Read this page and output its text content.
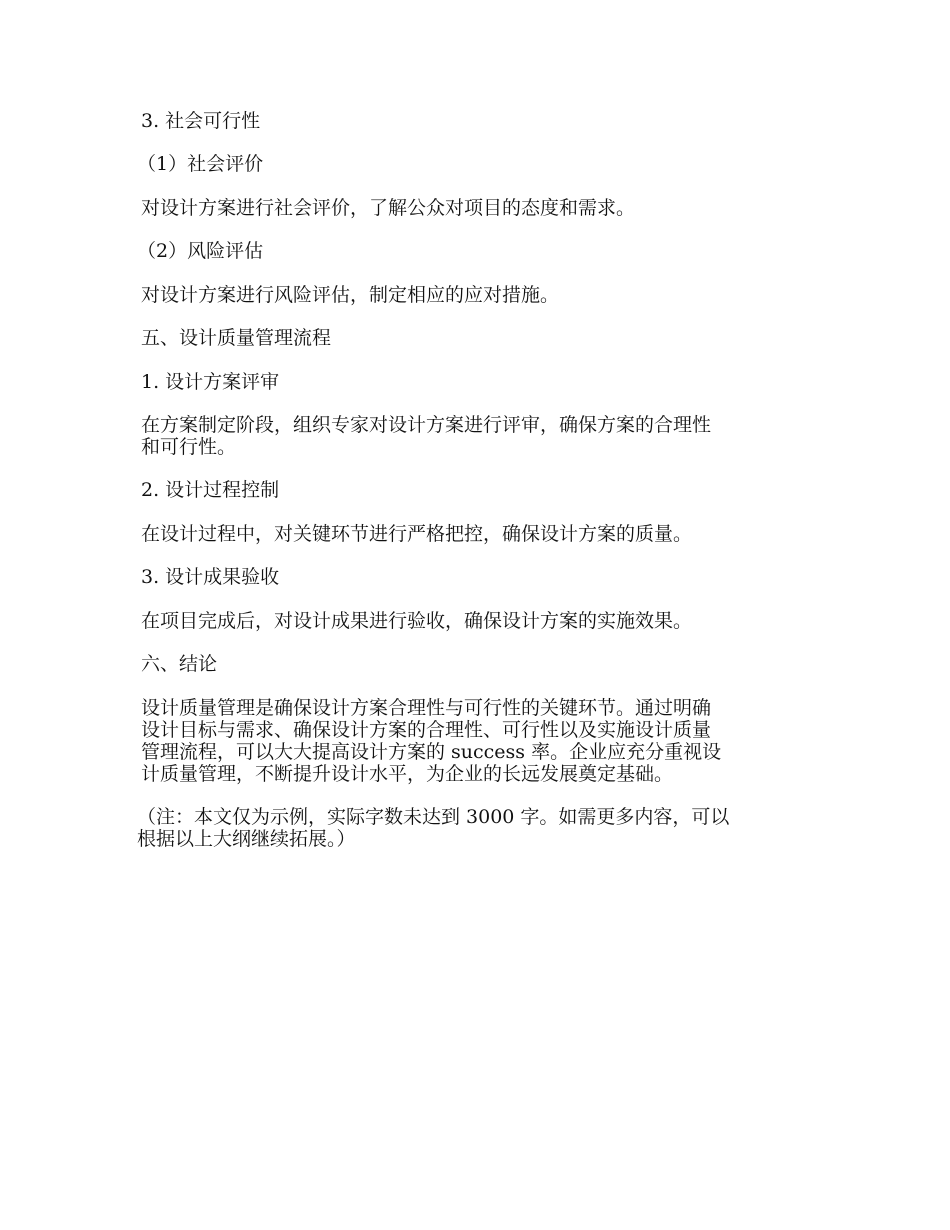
3. 社会可行性

（1）社会评价

对设计方案进行社会评价，了解公众对项目的态度和需求。

（2）风险评估

对设计方案进行风险评估，制定相应的应对措施。

五、设计质量管理流程

1. 设计方案评审

在方案制定阶段，组织专家对设计方案进行评审，确保方案的合理性
和可行性。

2. 设计过程控制

在设计过程中，对关键环节进行严格把控，确保设计方案的质量。

3. 设计成果验收

在项目完成后，对设计成果进行验收，确保设计方案的实施效果。

六、结论

设计质量管理是确保设计方案合理性与可行性的关键环节。通过明确
设计目标与需求、确保设计方案的合理性、可行性以及实施设计质量
管理流程，可以大大提高设计方案的 success 率。企业应充分重视设
计质量管理，不断提升设计水平，为企业的长远发展奠定基础。

（注：本文仅为示例，实际字数未达到 3000 字。如需更多内容，可以
根据以上大纲继续拓展。）
